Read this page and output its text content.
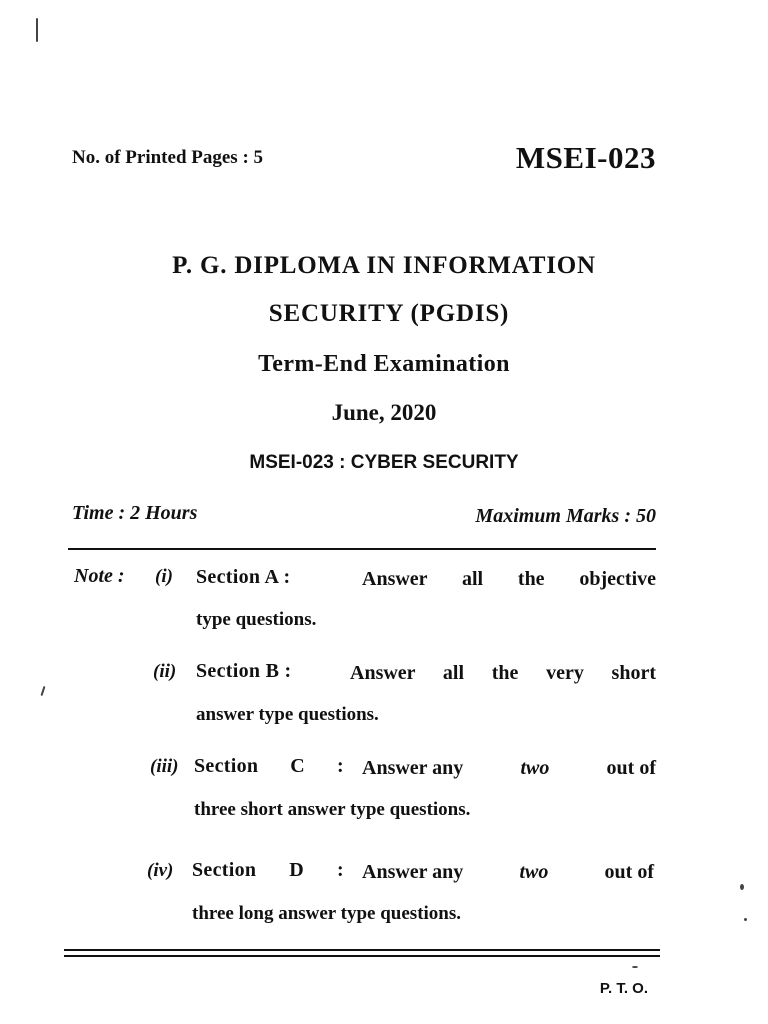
No. of Printed Pages : 5	MSEI-023
P. G. DIPLOMA IN INFORMATION
SECURITY (PGDIS)
Term-End Examination
June, 2020
MSEI-023 : CYBER SECURITY
Time : 2 Hours	Maximum Marks : 50
Note : (i) Section A :	Answer all the objective
type questions.
(ii) Section B :	Answer all the very short
answer type questions.
(iii) Section C : Answer any	two	out of
three short answer type questions.
(iv) Section D : Answer any	two	out of
three long answer type questions.
P. T. O.
